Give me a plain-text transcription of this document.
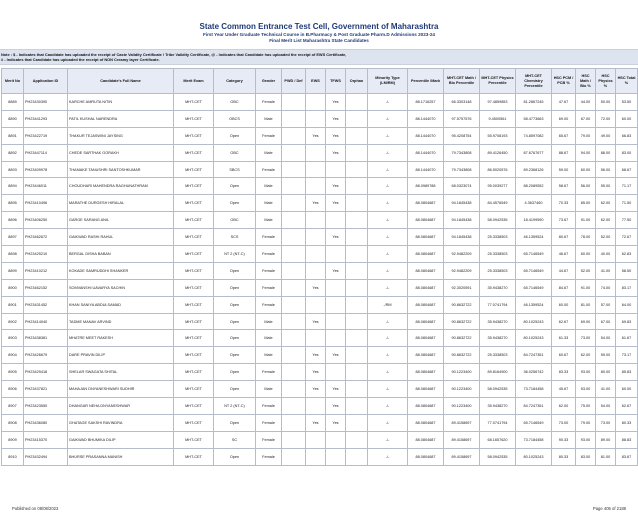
State Common Entrance Test Cell, Government of Maharashtra
First Year Under Graduate Technical Course in B.Pharmacy & Post Graduate Pharm.D Admissions 2023-24
Final Merit List Maharashtra State Candidates
Note : $ - Indicates that Candidate has uploaded the receipt of Caste Validity Certificate / Tribe Validity Certificate, @ - Indicates that Candidate has uploaded the receipt of EWS Certificate,
# - Indicates that Candidate has uploaded the receipt of NON Creamy layer Certificate.
Merit No	Application ID	Candidate's Full Name	Merit Exam	Category	Gender	PWD / Def	EWS	TFWS	Orphan	Minority Type (LM/RM)	Percentile /Mark	MHT-CET Math / Bio Percentile	MHT-CET Physics Percentile	MHT-CET Chemistry Percentile	HSC PCM / PCB %	HSC Math / Bio %	HSC Physics %	HSC Total %
8889	PH23430390	KARCHE AMRUTA NITIN	MHT-CET	OBC	Female			Yes		-/-	88.1716257	66.3303148	97.4859853	81.2867245	47.67	44.00	50.00	53.50
8890	PH23441293	PATIL KUSHAL NARENDRA	MHT-CET	OBCS	Male			Yes		-/-	88.1444070	97.5757576	9.4500561	58.4773663	69.00	67.00	72.00	60.00
8891	PH23422719	THAKUR TEJASWINI JAYSING	MHT-CET	Open	Female		Yes	Yes		-/-	88.1444070	95.4208754	55.9708193	74.8597082	65.67	79.00	49.00	66.83
8892	PH23447114	CHEDE SARTHAK GORAKH	MHT-CET	OBC	Male			Yes		-/-	88.1444070	79.7343808	89.4126450	87.6767677	88.67	94.00	88.00	83.00
8893	PH23409978	THAMAKE TANUSHRI SANTOSHKUMAR	MHT-CET	SBCS	Female					-/-	88.1444070	79.7343808	86.5020576	89.2368126	59.00	60.00	56.00	68.67
8894	PH23446011	CHOUDHARI MAHENDRA RAGHUNATHRAM	MHT-CET	Open	Male			Yes		-/-	88.0989788	68.0323074	95.0039277	88.2089552	58.67	56.00	55.00	71.17
8895	PH23410496	MARATHE DURGESH HIRALAL	MHT-CET	Open	Male		Yes	Yes		-/-	88.0804687	94.1845438	84.4576549	4.3637460	70.33	85.00	62.00	71.50
8896	PH23406250	GARGE SARANG ANIL	MHT-CET	OBC	Male					-/-	88.0804687	94.1845438	58.0942535	18.4199590	73.67	91.00	62.00	77.50
8897	PH23462672	GAIKWAD RASHI RAHUL	MHT-CET	SCS	Female			Yes		-/-	88.0804687	94.1845438	25.3338503	46.1359524	80.67	78.00	52.00	72.67
8898	PH23425210	BERGAL DISHA BABAN	MHT-CET	NT 2 (NT-C)	Female					-/-	88.0804687	92.9482209	25.3338503	65.7146549	46.67	60.00	40.00	62.83
8899	PH23410212	KOKADE SAMRUDDHI SHANKER	MHT-CET	Open	Female			Yes		-/-	88.0804687	92.9482209	25.3338503	65.7146549	44.67	52.00	41.00	58.50
8900	PH23462152	SOMVANSHI UAVARYA SACHIN	MHT-CET	Open	Female		Yes			-/-	88.0804687	92.3020591	35.9438270	65.7146549	84.67	91.00	74.00	83.17
8901	PH23431452	KHAN SANIYA ABDULSAMAD	MHT-CET	Open	Female					-/RM	88.0804687	90.8632722	77.0741794	46.1359524	60.00	81.00	57.00	64.00
8902	PH23414040	TADME MANAV ARVIND	MHT-CET	Open	Male		Yes			-/-	88.0804687	90.8632722	35.9438270	80.1025243	62.67	69.00	67.00	69.83
8903	PH23438381	MHATRE MEET RAKESH	MHT-CET	Open	Male					-/-	88.0804687	90.8632722	35.9438270	80.1025243	61.33	73.00	54.00	61.67
8904	PH23426679	DARE PRAVIN DILIP	MHT-CET	Open	Male		Yes	Yes		-/-	88.0804687	90.8632722	25.3338503	84.7247351	60.67	62.00	59.00	73.17
8905	PH23429418	SHELAR SWAGATA SHITAL	MHT-CET	Open	Female		Yes			-/-	88.0804687	90.1223400	89.8164900	36.0256742	83.33	93.00	80.00	85.83
8906	PH23437821	MAHAJAN DNYANESHWARI SUDHIR	MHT-CET	Open	Male		Yes	Yes		-/-	88.0804687	90.1223400	58.0942535	73.7184458	45.67	53.00	41.00	60.00
8907	PH23423550	DHANGAR NEHA DNYANESHWAR	MHT-CET	NT 2 (NT-C)	Female			Yes		-/-	88.0804687	90.1223400	35.9438270	84.7247351	62.00	75.00	54.00	62.67
8908	PH23436080	GHATAGE SAKSHI RAVINDRA	MHT-CET	Open	Female		Yes	Yes		-/-	88.0804687	89.4158697	77.0741794	65.7146549	73.00	79.00	73.00	80.33
8909	PH23415370	GAIKWAD BHUMIKA DILIP	MHT-CET	SC	Female					-/-	88.0804687	89.4158697	68.1657620	73.7184458	90.33	93.00	89.00	88.83
8910	PH23432494	BHURSE PRASANNA MANISH	MHT-CET	Open	Female					-/-	88.0804687	89.4158697	58.0942535	80.1025243	80.33	83.00	81.00	83.67
Published on 08/08/2023	Page 405 of 2188
